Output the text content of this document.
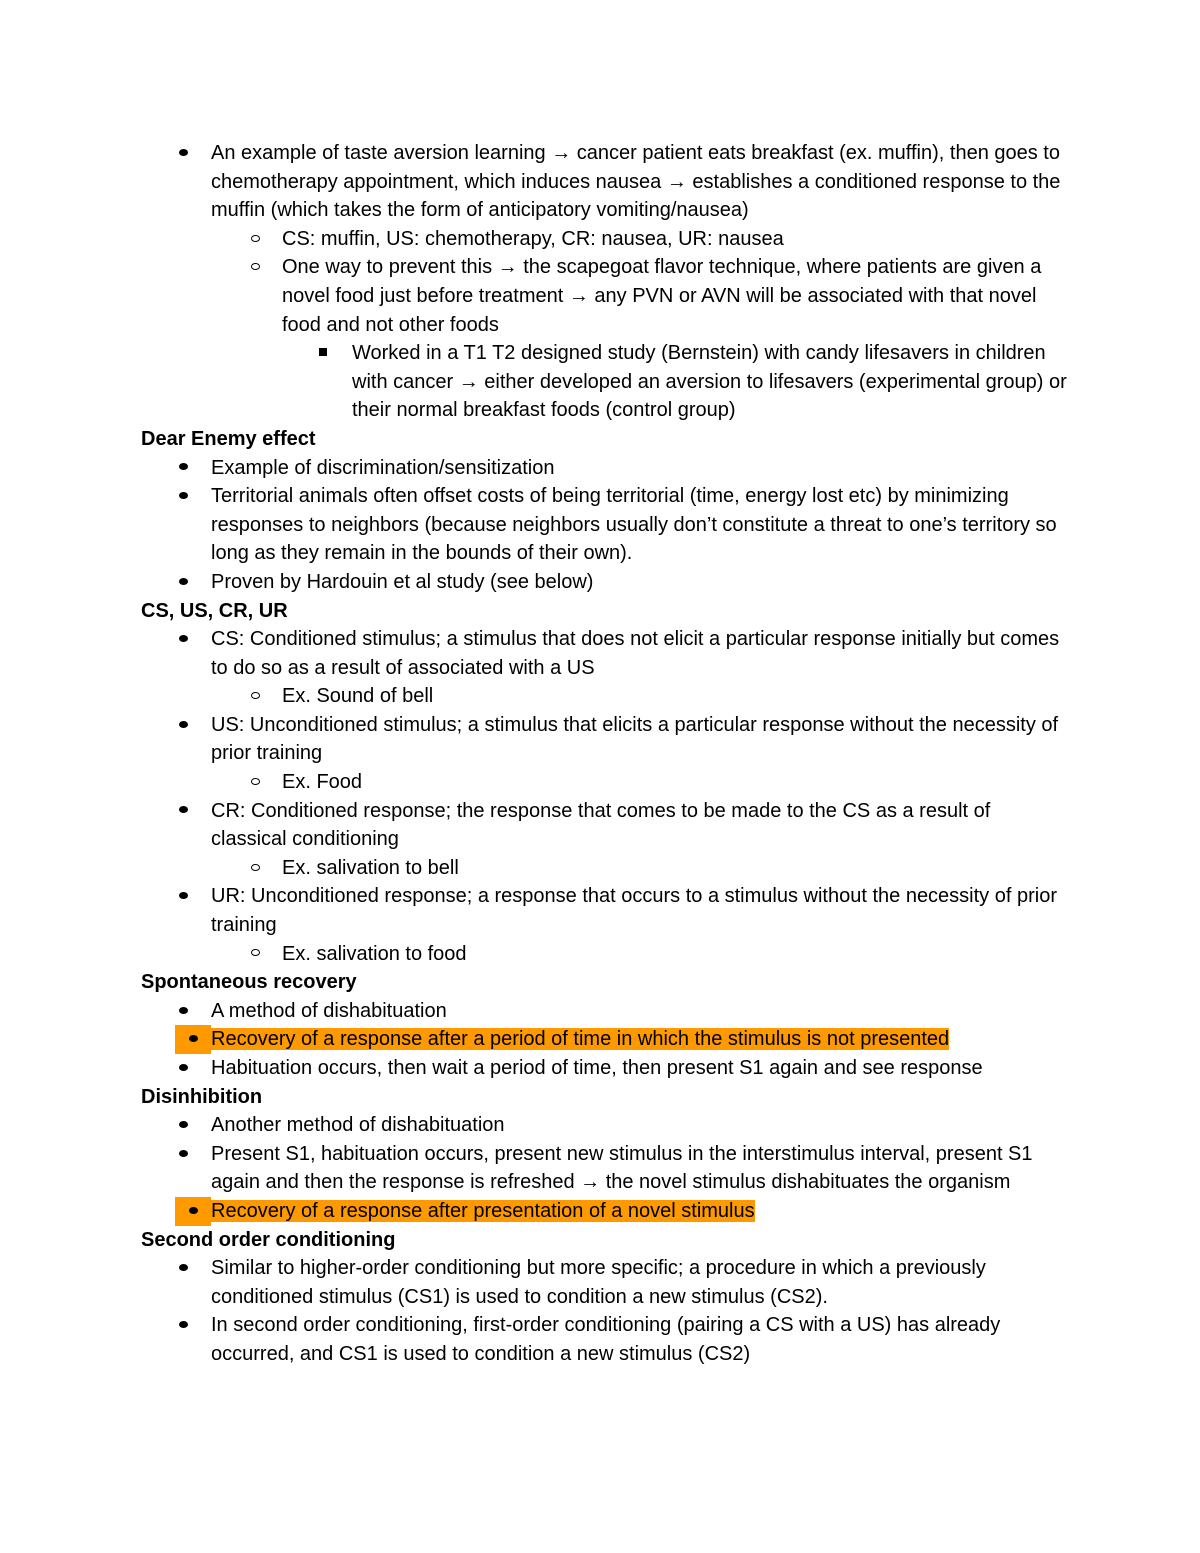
An example of taste aversion learning → cancer patient eats breakfast (ex. muffin), then goes to chemotherapy appointment, which induces nausea → establishes a conditioned response to the muffin (which takes the form of anticipatory vomiting/nausea)
CS: muffin, US: chemotherapy, CR: nausea, UR: nausea
One way to prevent this → the scapegoat flavor technique, where patients are given a novel food just before treatment → any PVN or AVN will be associated with that novel food and not other foods
Worked in a T1 T2 designed study (Bernstein) with candy lifesavers in children with cancer → either developed an aversion to lifesavers (experimental group) or their normal breakfast foods (control group)
Dear Enemy effect
Example of discrimination/sensitization
Territorial animals often offset costs of being territorial (time, energy lost etc) by minimizing responses to neighbors (because neighbors usually don’t constitute a threat to one’s territory so long as they remain in the bounds of their own).
Proven by Hardouin et al study (see below)
CS, US, CR, UR
CS: Conditioned stimulus; a stimulus that does not elicit a particular response initially but comes to do so as a result of associated with a US
Ex. Sound of bell
US: Unconditioned stimulus; a stimulus that elicits a particular response without the necessity of prior training
Ex. Food
CR: Conditioned response; the response that comes to be made to the CS as a result of classical conditioning
Ex. salivation to bell
UR: Unconditioned response; a response that occurs to a stimulus without the necessity of prior training
Ex. salivation to food
Spontaneous recovery
A method of dishabituation
Recovery of a response after a period of time in which the stimulus is not presented
Habituation occurs, then wait a period of time, then present S1 again and see response
Disinhibition
Another method of dishabituation
Present S1, habituation occurs, present new stimulus in the interstimulus interval, present S1 again and then the response is refreshed → the novel stimulus dishabituates the organism
Recovery of a response after presentation of a novel stimulus
Second order conditioning
Similar to higher-order conditioning but more specific; a procedure in which a previously conditioned stimulus (CS1) is used to condition a new stimulus (CS2).
In second order conditioning, first-order conditioning (pairing a CS with a US) has already occurred, and CS1 is used to condition a new stimulus (CS2)
